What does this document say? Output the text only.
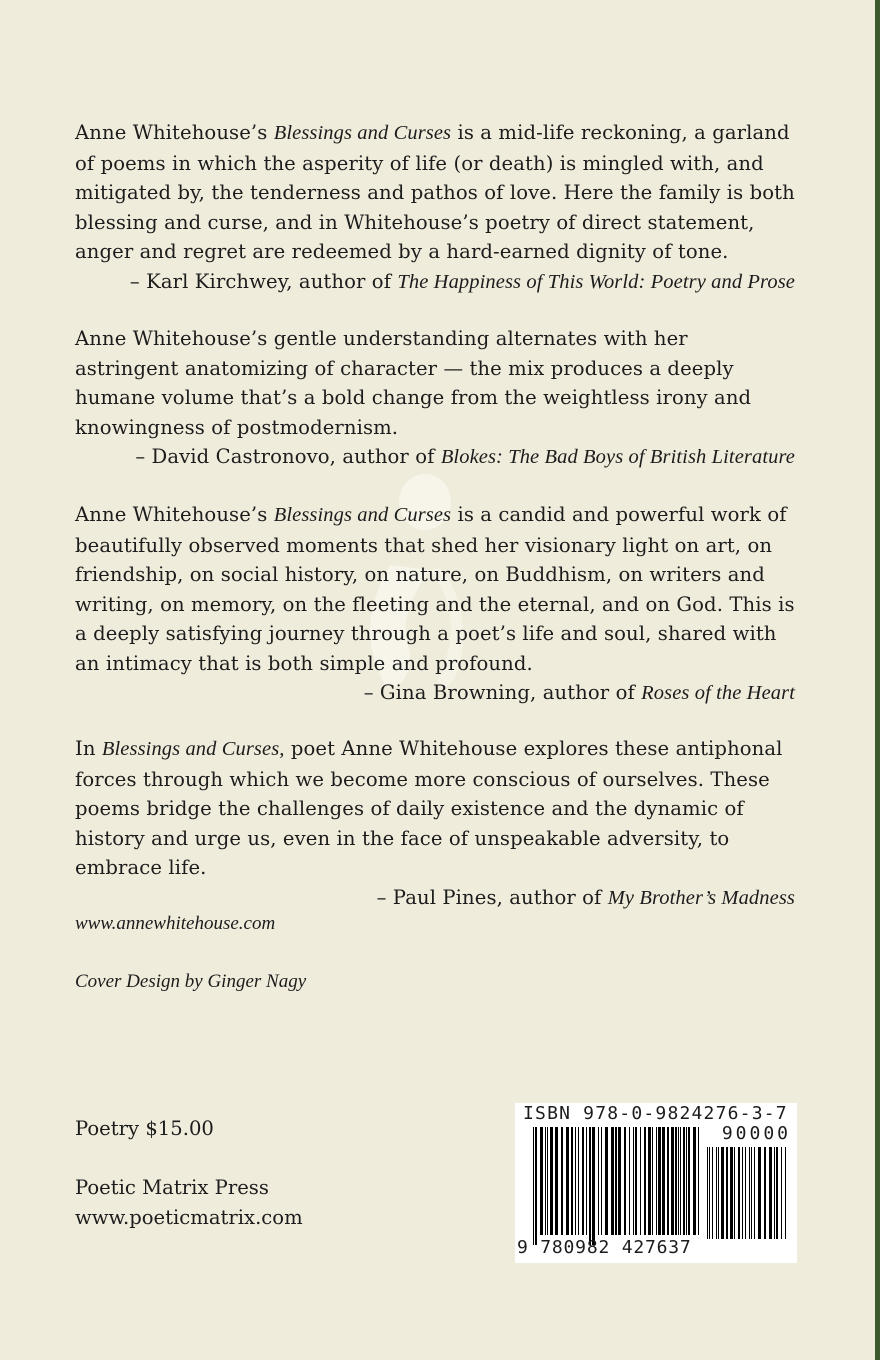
Anne Whitehouse’s Blessings and Curses is a mid-life reckoning, a garland of poems in which the asperity of life (or death) is mingled with, and mitigated by, the tenderness and pathos of love. Here the family is both blessing and curse, and in Whitehouse’s poetry of direct statement, anger and regret are redeemed by a hard-earned dignity of tone.

– Karl Kirchwey, author of The Happiness of This World: Poetry and Prose

Anne Whitehouse’s gentle understanding alternates with her astringent anatomizing of character — the mix produces a deeply humane volume that’s a bold change from the weightless irony and knowingness of postmodernism.

– David Castronovo, author of Blokes: The Bad Boys of British Literature

Anne Whitehouse’s Blessings and Curses is a candid and powerful work of beautifully observed moments that shed her visionary light on art, on friendship, on social history, on nature, on Buddhism, on writers and writing, on memory, on the fleeting and the eternal, and on God. This is a deeply satisfying journey through a poet’s life and soul, shared with an intimacy that is both simple and profound.

– Gina Browning, author of Roses of the Heart

In Blessings and Curses, poet Anne Whitehouse explores these antiphonal forces through which we become more conscious of ourselves. These poems bridge the challenges of daily existence and the dynamic of history and urge us, even in the face of unspeakable adversity, to embrace life.

– Paul Pines, author of My Brother’s Madness

www.annewhitehouse.com
Cover Design by Ginger Nagy
Poetry $15.00
Poetic Matrix Press
www.poeticmatrix.com
ISBN 978-0-9824276-3-7
90000
9 780982 427637
